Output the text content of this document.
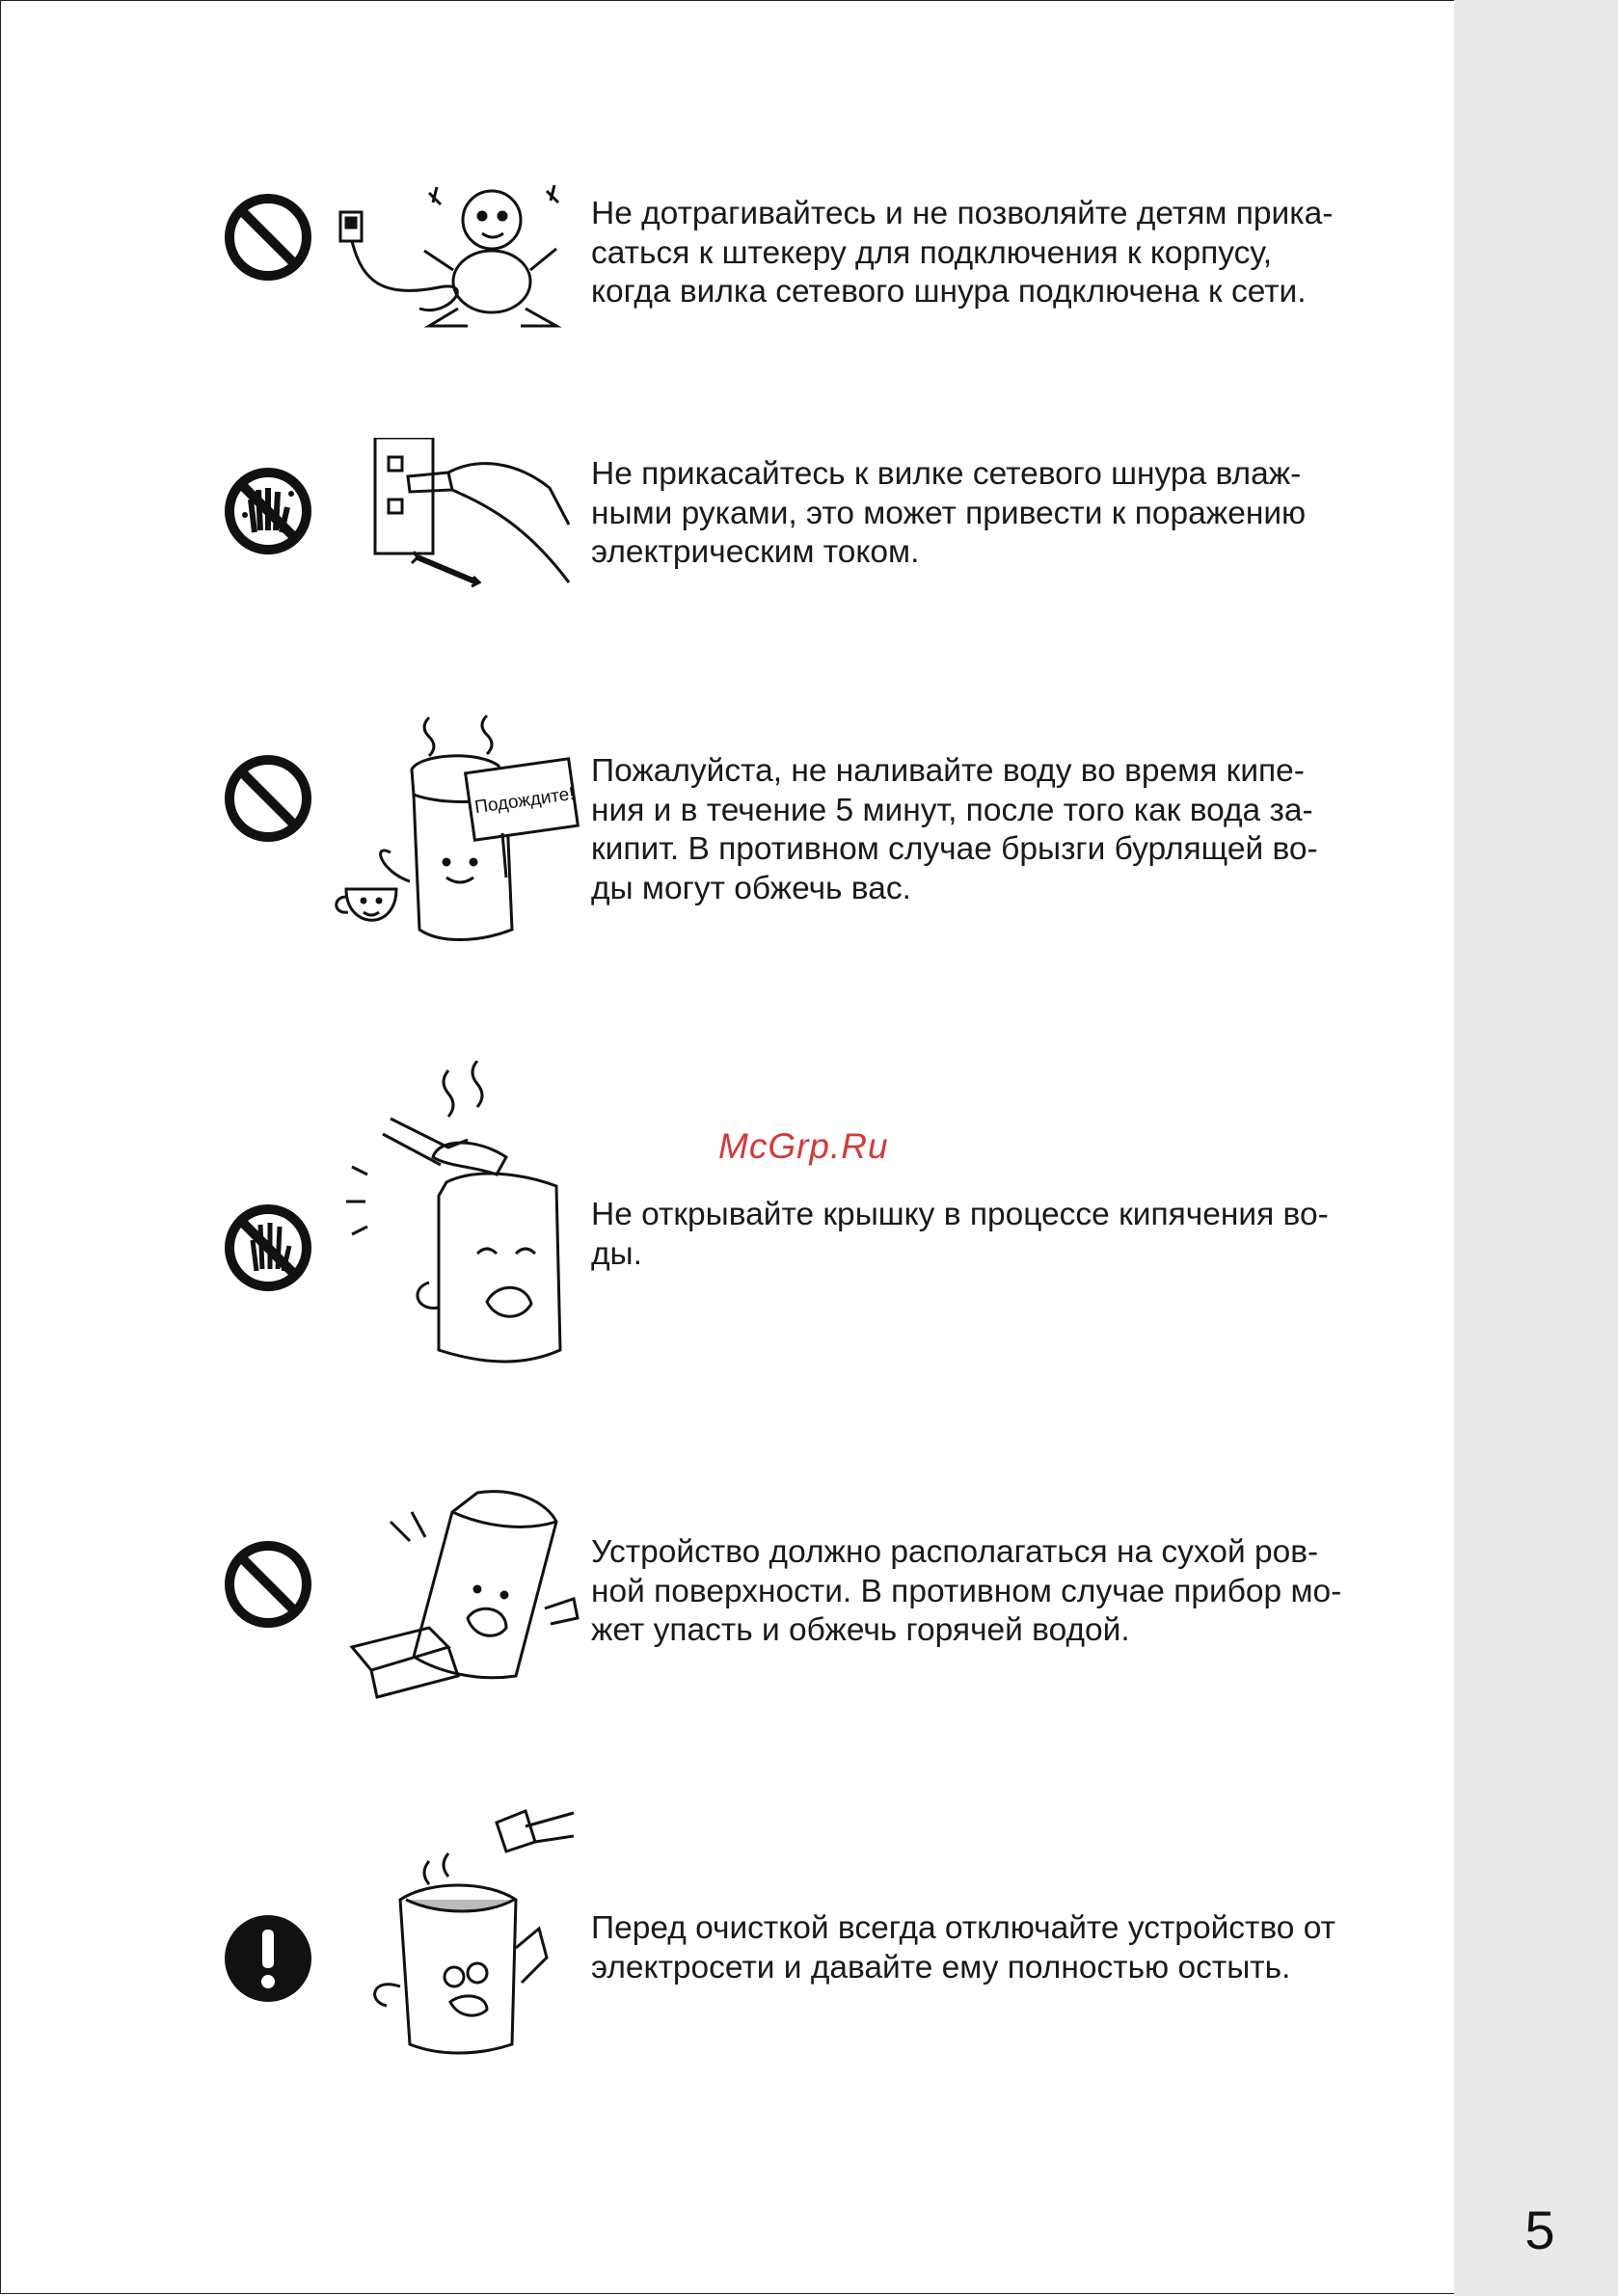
Не дотрагивайтесь и не позволяйте детям прика-
саться к штекеру для подключения к корпусу,
когда вилка сетевого шнура подключена к сети.

Не прикасайтесь к вилке сетевого шнура влаж-
ными руками, это может привести к поражению
электрическим током.

Подождите!

Пожалуйста, не наливайте воду во время кипе-
ния и в течение 5 минут, после того как вода за-
кипит. В противном случае брызги бурлящей во-
ды могут обжечь вас.

Не открывайте крышку в процессе кипячения во-
ды.

Устройство должно располагаться на сухой ров-
ной поверхности. В противном случае прибор мо-
жет упасть и обжечь горячей водой.

Перед очисткой всегда отключайте устройство от
электросети и давайте ему полностью остыть.

McGrp.Ru
5
